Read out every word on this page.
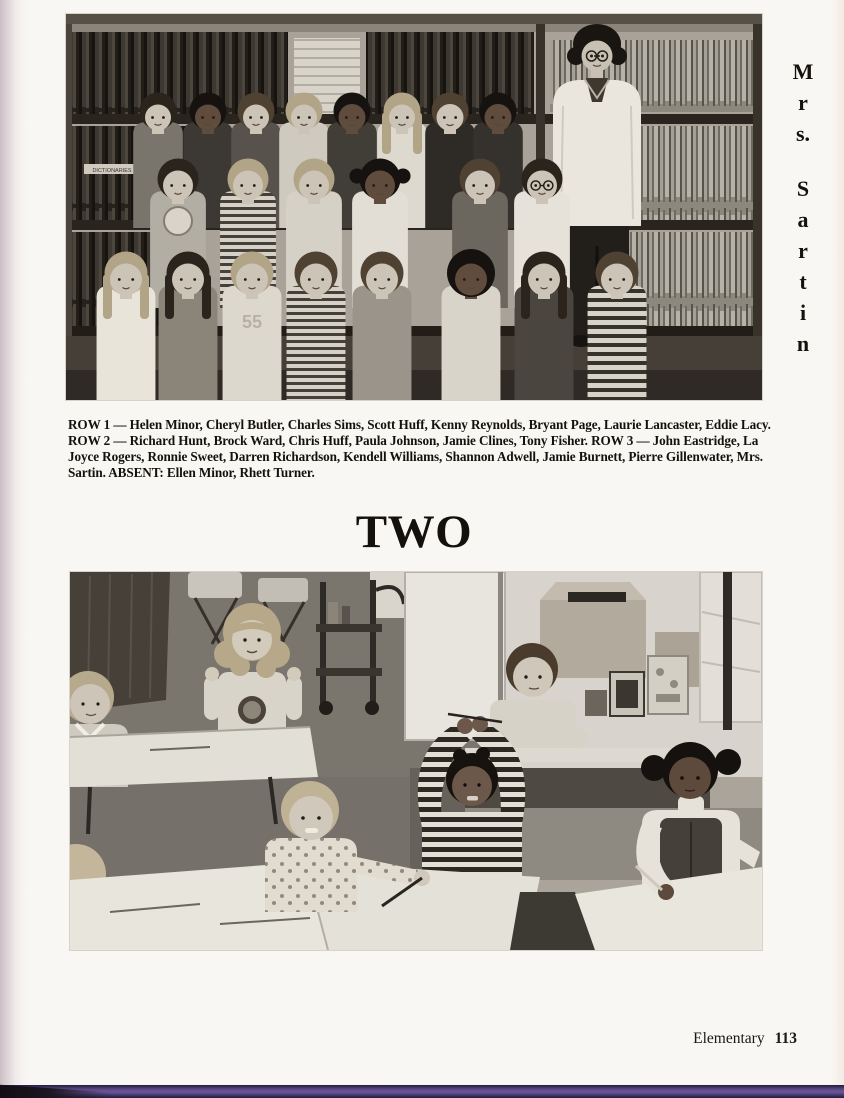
DICTIONARIES
55
M
r
s.
S
a
r
t
i
n

ROW 1 — Helen Minor, Cheryl Butler, Charles Sims, Scott Huff, Kenny Reynolds, Bryant Page, Laurie Lancaster, Eddie Lacy. ROW 2 — Richard Hunt, Brock Ward, Chris Huff, Paula Johnson, Jamie Clines, Tony Fisher. ROW 3 — John Eastridge, La Joyce Rogers, Ronnie Sweet, Darren Richardson, Kendell Williams, Shannon Adwell, Jamie Burnett, Pierre Gillenwater, Mrs. Sartin. ABSENT: Ellen Minor, Rhett Turner.

TWO
Elementary 113
